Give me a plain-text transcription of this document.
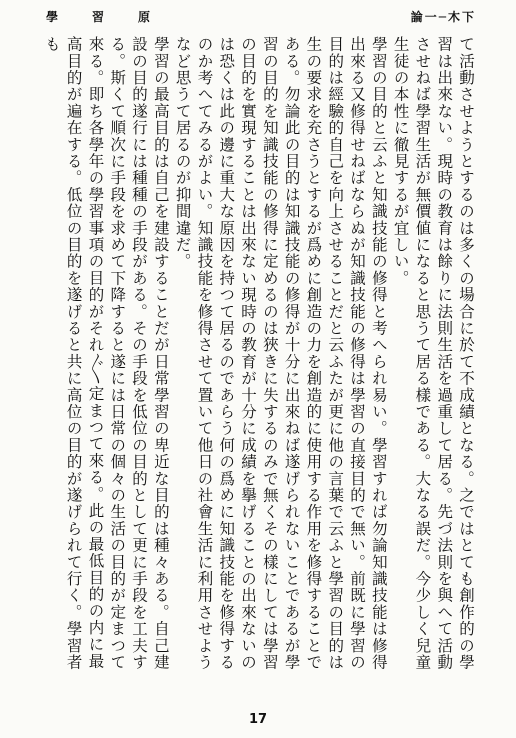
學習原	論一─木下

て活動させようとするのは多くの場合に於て不成績となる。之ではとても創作的の學習は出來ない。現時の教育は餘りに法則生活を過重して居る。先づ法則を與へて活動させねば學習生活が無價値になると思うて居る樣である。大なる誤だ。今少しく兒童生徒の本性に徹見するが宜しい。

學習の目的と云ふと知識技能の修得と考へられ易い。學習すれば勿論知識技能は修得出來る又修得せねばならぬが知識技能の修得は學習の直接目的で無い。前既に學習の目的は經驗的自己を向上させることだと云ふたが更に他の言葉で云ふと學習の目的は生の要求を充さうとするが爲めに創造の力を創造的に使用する作用を修得することである。勿論此の目的は知識技能の修得が十分に出來ねば遂げられないことであるが學習の目的を知識技能の修得に定めるのは狹きに失するのみで無くその樣にしては學習の目的を實現することは出來ない現時の教育が十分に成績を擧げることの出來ないのは恐くは此の邊に重大な原因を持つて居るのであらう何の爲めに知識技能を修得するのか考へてみるがよい。知識技能を修得させて置いて他日の社會生活に利用させようなど思うて居るのが抑間違だ。

學習の最高目的は自己を建設することだが日常學習の卑近な目的は種々ある。自己建設の目的遂行には種種の手段がある。その手段を低位の目的として更に手段を工夫する。斯くて順次に手段を求めて下降すると遂には日常の個々の生活の目的が定まつて來る。即ち各學年の學習事項の目的がそれ〴〵定まつて來る。此の最低目的の内に最高目的が遍在する。低位の目的を遂げると共に高位の目的が遂げられて行く。學習者も

17
